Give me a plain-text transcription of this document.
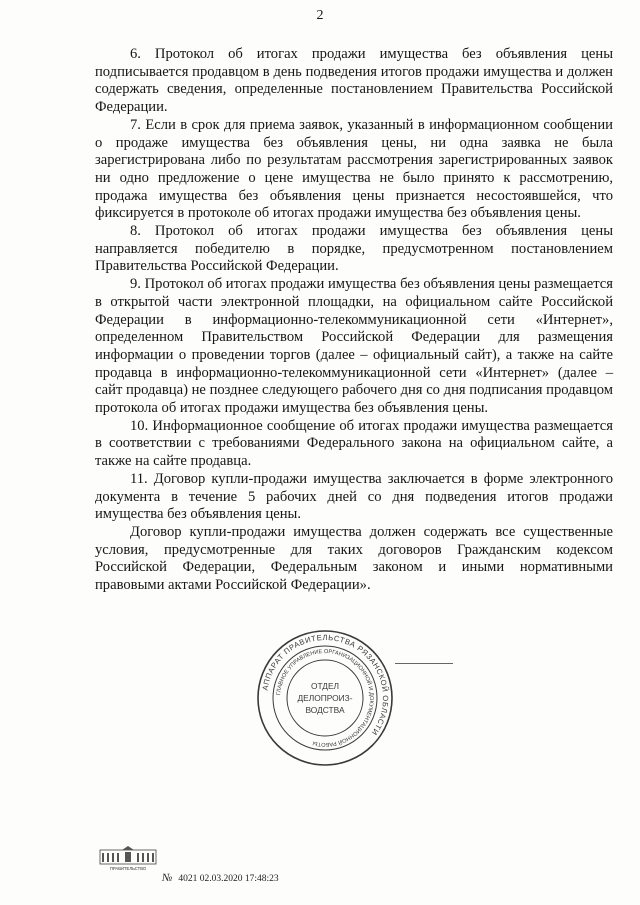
2

6. Протокол об итогах продажи имущества без объявления цены подписывается продавцом в день подведения итогов продажи имущества и должен содержать сведения, определенные постановлением Правительства Российской Федерации.

7. Если в срок для приема заявок, указанный в информационном сообщении о продаже имущества без объявления цены, ни одна заявка не была зарегистрирована либо по результатам рассмотрения зарегистрированных заявок ни одно предложение о цене имущества не было принято к рассмотрению, продажа имущества без объявления цены признается несостоявшейся, что фиксируется в протоколе об итогах продажи имущества без объявления цены.

8. Протокол об итогах продажи имущества без объявления цены направляется победителю в порядке, предусмотренном постановлением Правительства Российской Федерации.

9. Протокол об итогах продажи имущества без объявления цены размещается в открытой части электронной площадки, на официальном сайте Российской Федерации в информационно-телекоммуникационной сети «Интернет», определенном Правительством Российской Федерации для размещения информации о проведении торгов (далее – официальный сайт), а также на сайте продавца в информационно-телекоммуникационной сети «Интернет» (далее – сайт продавца) не позднее следующего рабочего дня со дня подписания продавцом протокола об итогах продажи имущества без объявления цены.

10. Информационное сообщение об итогах продажи имущества размещается в соответствии с требованиями Федерального закона на официальном сайте, а также на сайте продавца.

11. Договор купли-продажи имущества заключается в форме электронного документа в течение 5 рабочих дней со дня подведения итогов продажи имущества без объявления цены.

Договор купли-продажи имущества должен содержать все существенные условия, предусмотренные для таких договоров Гражданским кодексом Российской Федерации, Федеральным законом и иными нормативными правовыми актами Российской Федерации».

АППАРАТ ПРАВИТЕЛЬСТВА РЯЗАНСКОЙ ОБЛАСТИ
ГЛАВНОЕ УПРАВЛЕНИЕ ОРГАНИЗАЦИОННОЙ И ДОКУМЕНТАЦИОННОЙ РАБОТЫ
ОТДЕЛ
ДЕЛОПРОИЗ-
ВОДСТВА
ПРАВИТЕЛЬСТВО
№ 4021 02.03.2020 17:48:23
